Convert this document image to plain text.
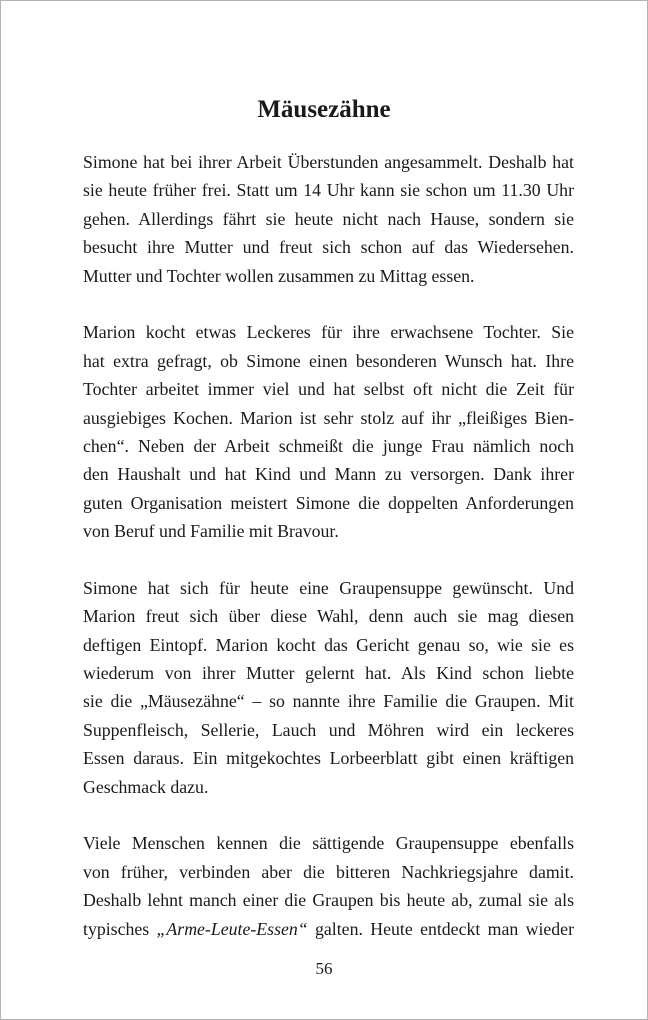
Mäusezähne

Simone hat bei ihrer Arbeit Überstunden angesammelt. Deshalb hat
sie heute früher frei. Statt um 14 Uhr kann sie schon um 11.30 Uhr
gehen. Allerdings fährt sie heute nicht nach Hause, sondern sie
besucht ihre Mutter und freut sich schon auf das Wiedersehen.
Mutter und Tochter wollen zusammen zu Mittag essen.

Marion kocht etwas Leckeres für ihre erwachsene Tochter. Sie
hat extra gefragt, ob Simone einen besonderen Wunsch hat. Ihre
Tochter arbeitet immer viel und hat selbst oft nicht die Zeit für
ausgiebiges Kochen. Marion ist sehr stolz auf ihr „fleißiges Bien-
chen“. Neben der Arbeit schmeißt die junge Frau nämlich noch
den Haushalt und hat Kind und Mann zu versorgen. Dank ihrer
guten Organisation meistert Simone die doppelten Anforderungen
von Beruf und Familie mit Bravour.

Simone hat sich für heute eine Graupensuppe gewünscht. Und
Marion freut sich über diese Wahl, denn auch sie mag diesen
deftigen Eintopf. Marion kocht das Gericht genau so, wie sie es
wiederum von ihrer Mutter gelernt hat. Als Kind schon liebte
sie die „Mäusezähne“ – so nannte ihre Familie die Graupen. Mit
Suppenfleisch, Sellerie, Lauch und Möhren wird ein leckeres
Essen daraus. Ein mitgekochtes Lorbeerblatt gibt einen kräftigen
Geschmack dazu.

Viele Menschen kennen die sättigende Graupensuppe ebenfalls
von früher, verbinden aber die bitteren Nachkriegsjahre damit.
Deshalb lehnt manch einer die Graupen bis heute ab, zumal sie als
typisches „Arme-Leute-Essen“ galten. Heute entdeckt man wieder

56
